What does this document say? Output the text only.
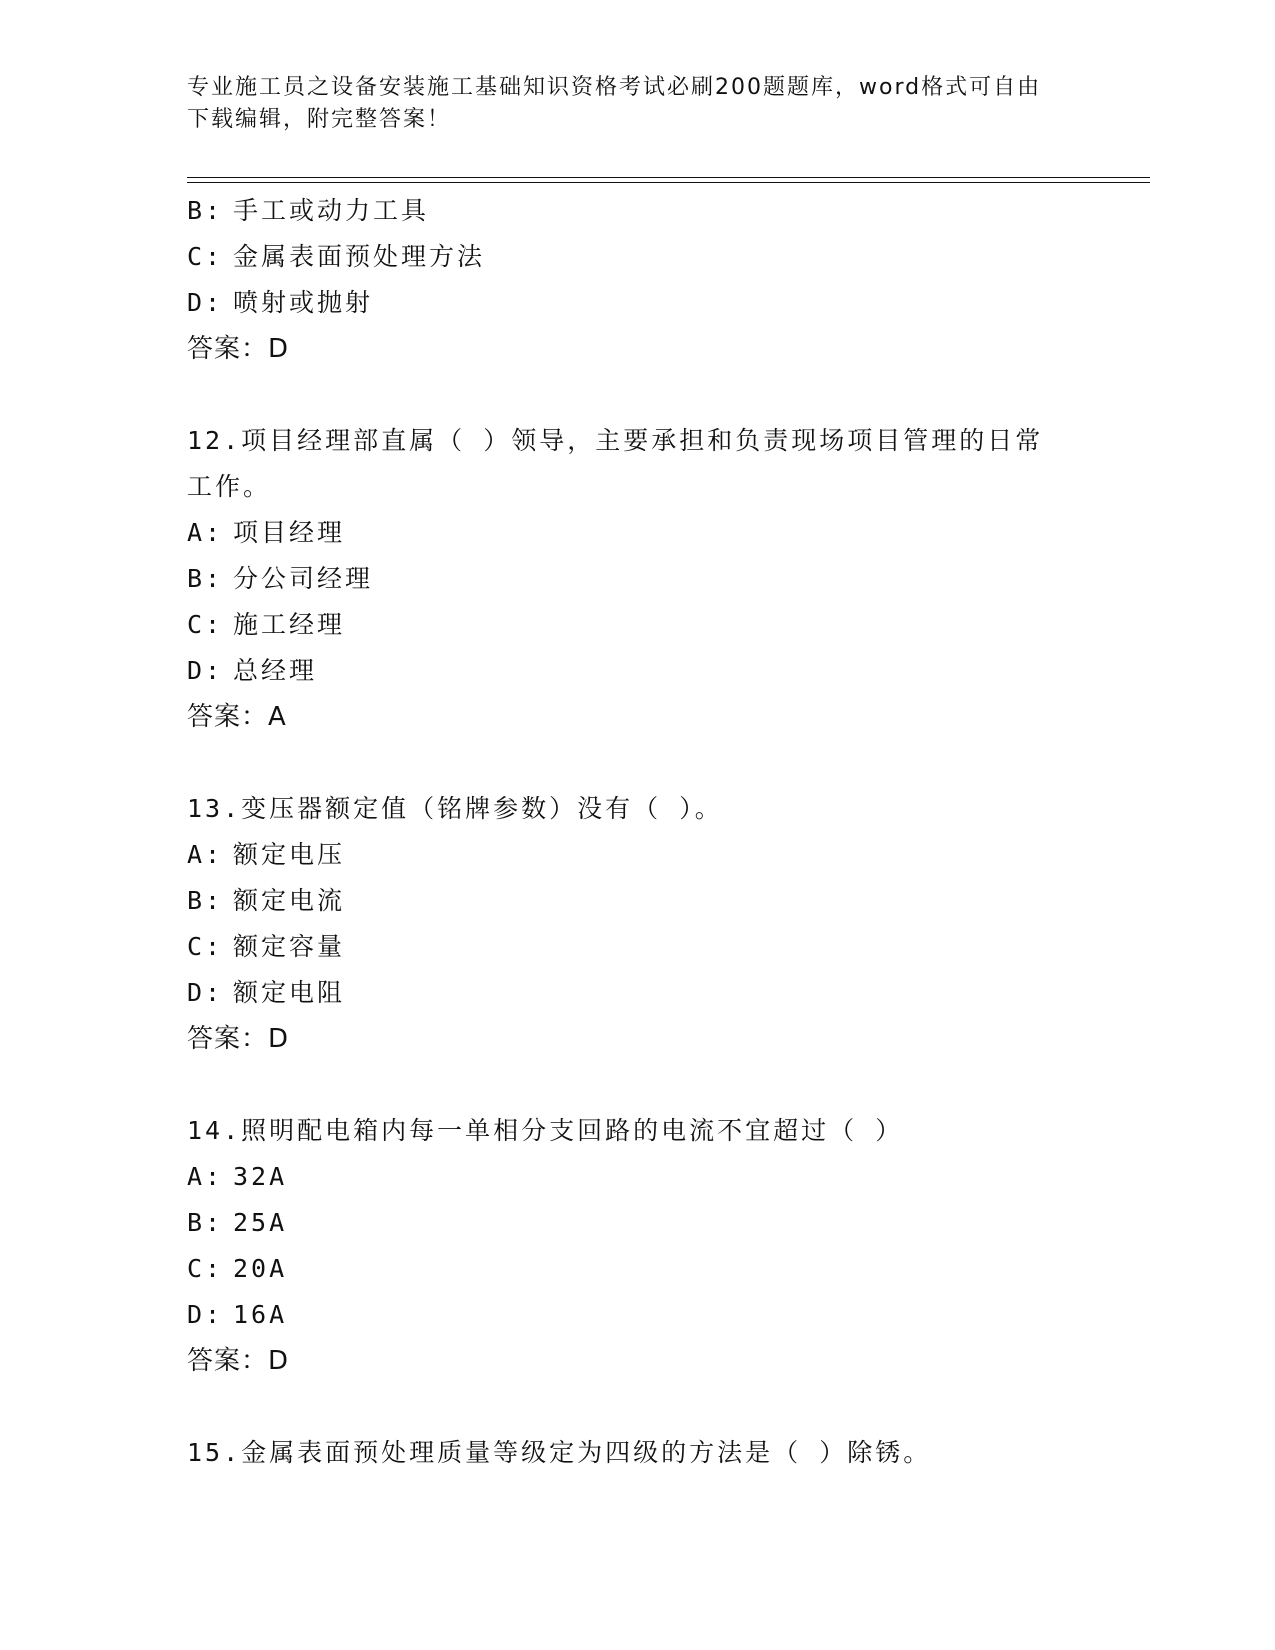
专业施工员之设备安装施工基础知识资格考试必刷200题题库，word格式可自由
下载编辑，附完整答案！
B: 手工或动力工具
C: 金属表面预处理方法
D: 喷射或抛射
答案：D
12.项目经理部直属（ ）领导，主要承担和负责现场项目管理的日常
工作。
A: 项目经理
B: 分公司经理
C: 施工经理
D: 总经理
答案：A
13.变压器额定值（铭牌参数）没有（ ）。
A: 额定电压
B: 额定电流
C: 额定容量
D: 额定电阻
答案：D
14.照明配电箱内每一单相分支回路的电流不宜超过（ ）
A: 32A
B: 25A
C: 20A
D: 16A
答案：D
15.金属表面预处理质量等级定为四级的方法是（ ）除锈。
